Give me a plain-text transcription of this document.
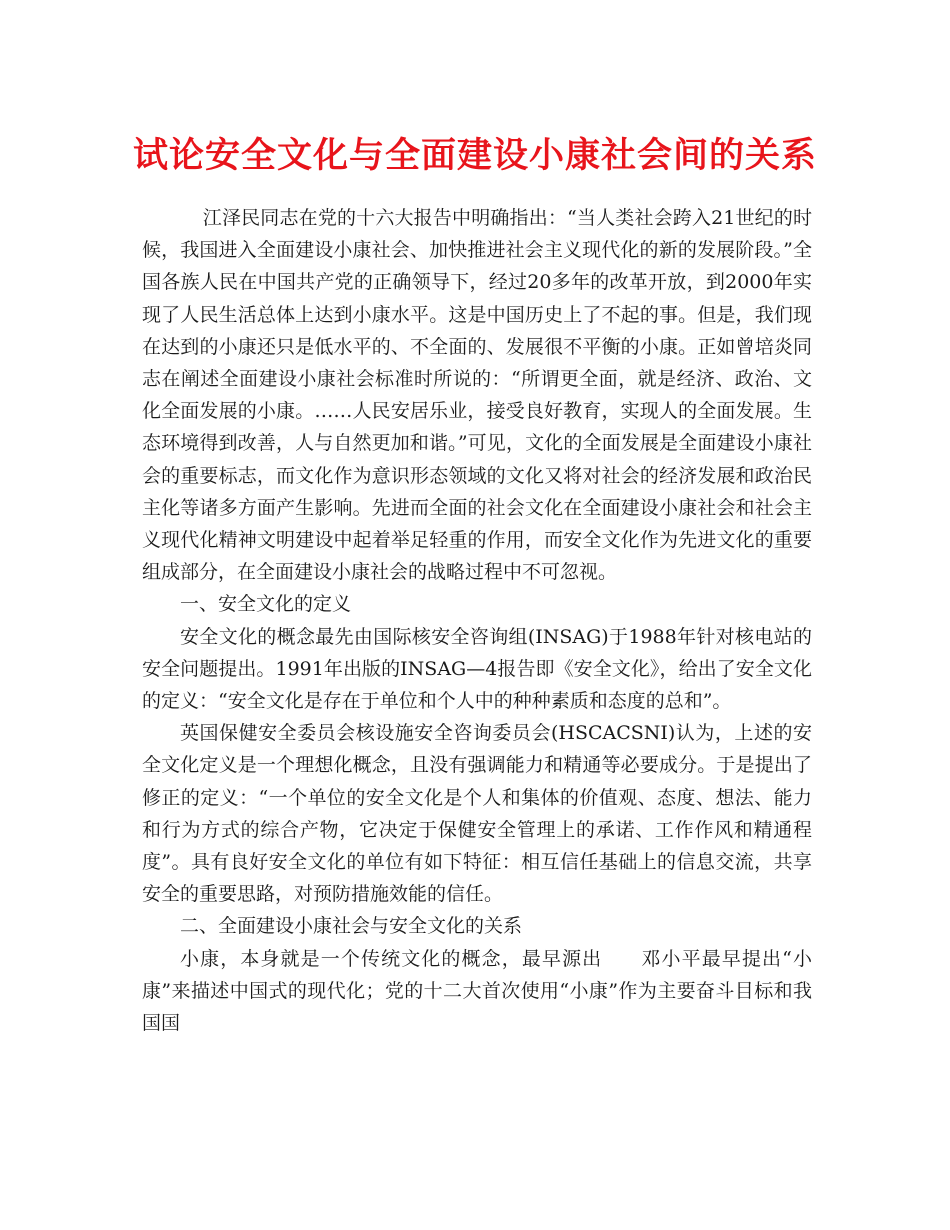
试论安全文化与全面建设小康社会间的关系

江泽民同志在党的十六大报告中明确指出：“当人类社会跨入21世纪的时候，我国进入全面建设小康社会、加快推进社会主义现代化的新的发展阶段。”全国各族人民在中国共产党的正确领导下，经过20多年的改革开放，到2000年实现了人民生活总体上达到小康水平。这是中国历史上了不起的事。但是，我们现在达到的小康还只是低水平的、不全面的、发展很不平衡的小康。正如曾培炎同志在阐述全面建设小康社会标准时所说的：“所谓更全面，就是经济、政治、文化全面发展的小康。……人民安居乐业，接受良好教育，实现人的全面发展。生态环境得到改善，人与自然更加和谐。”可见，文化的全面发展是全面建设小康社会的重要标志，而文化作为意识形态领域的文化又将对社会的经济发展和政治民主化等诸多方面产生影响。先进而全面的社会文化在全面建设小康社会和社会主义现代化精神文明建设中起着举足轻重的作用，而安全文化作为先进文化的重要组成部分，在全面建设小康社会的战略过程中不可忽视。

一、安全文化的定义

安全文化的概念最先由国际核安全咨询组(INSAG)于1988年针对核电站的安全问题提出。1991年出版的INSAG—4报告即《安全文化》，给出了安全文化的定义：“安全文化是存在于单位和个人中的种种素质和态度的总和”。

英国保健安全委员会核设施安全咨询委员会(HSCACSNI)认为，上述的安全文化定义是一个理想化概念，且没有强调能力和精通等必要成分。于是提出了修正的定义：“一个单位的安全文化是个人和集体的价值观、态度、想法、能力和行为方式的综合产物，它决定于保健安全管理上的承诺、工作作风和精通程度”。具有良好安全文化的单位有如下特征：相互信任基础上的信息交流，共享安全的重要思路，对预防措施效能的信任。

二、全面建设小康社会与安全文化的关系

小康，本身就是一个传统文化的概念，最早源出 邓小平最早提出“小康”来描述中国式的现代化；党的十二大首次使用“小康”作为主要奋斗目标和我国国
